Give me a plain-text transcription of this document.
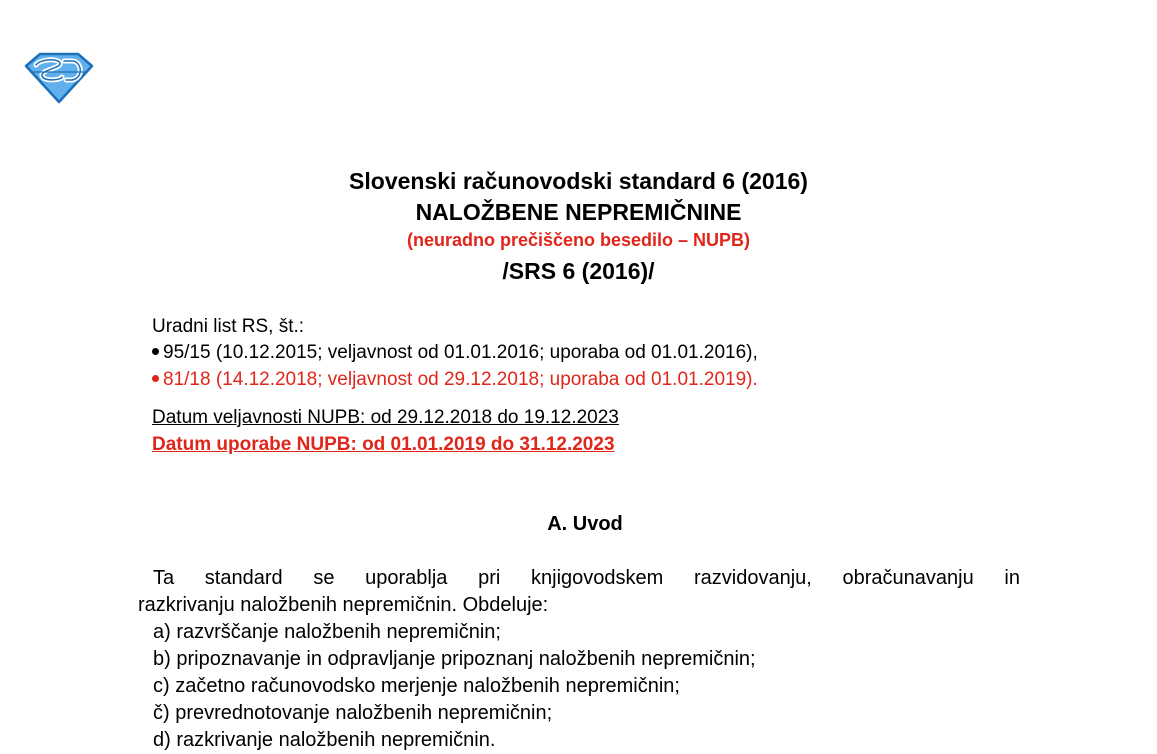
Slovenski računovodski standard 6 (2016)
NALOŽBENE NEPREMIČNINE
(neuradno prečiščeno besedilo – NUPB)
/SRS 6 (2016)/
Uradni list RS, št.:
95/15 (10.12.2015; veljavnost od 01.01.2016; uporaba od 01.01.2016),
81/18 (14.12.2018; veljavnost od 29.12.2018; uporaba od 01.01.2019).
Datum veljavnosti NUPB: od 29.12.2018 do 19.12.2023
Datum uporabe NUPB: od 01.01.2019 do 31.12.2023
A. Uvod
Ta standard se uporablja pri knjigovodskem razvidovanju, obračunavanju in
razkrivanju naložbenih nepremičnin. Obdeluje:
a) razvrščanje naložbenih nepremičnin;
b) pripoznavanje in odpravljanje pripoznanj naložbenih nepremičnin;
c) začetno računovodsko merjenje naložbenih nepremičnin;
č) prevrednotovanje naložbenih nepremičnin;
d) razkrivanje naložbenih nepremičnin.
